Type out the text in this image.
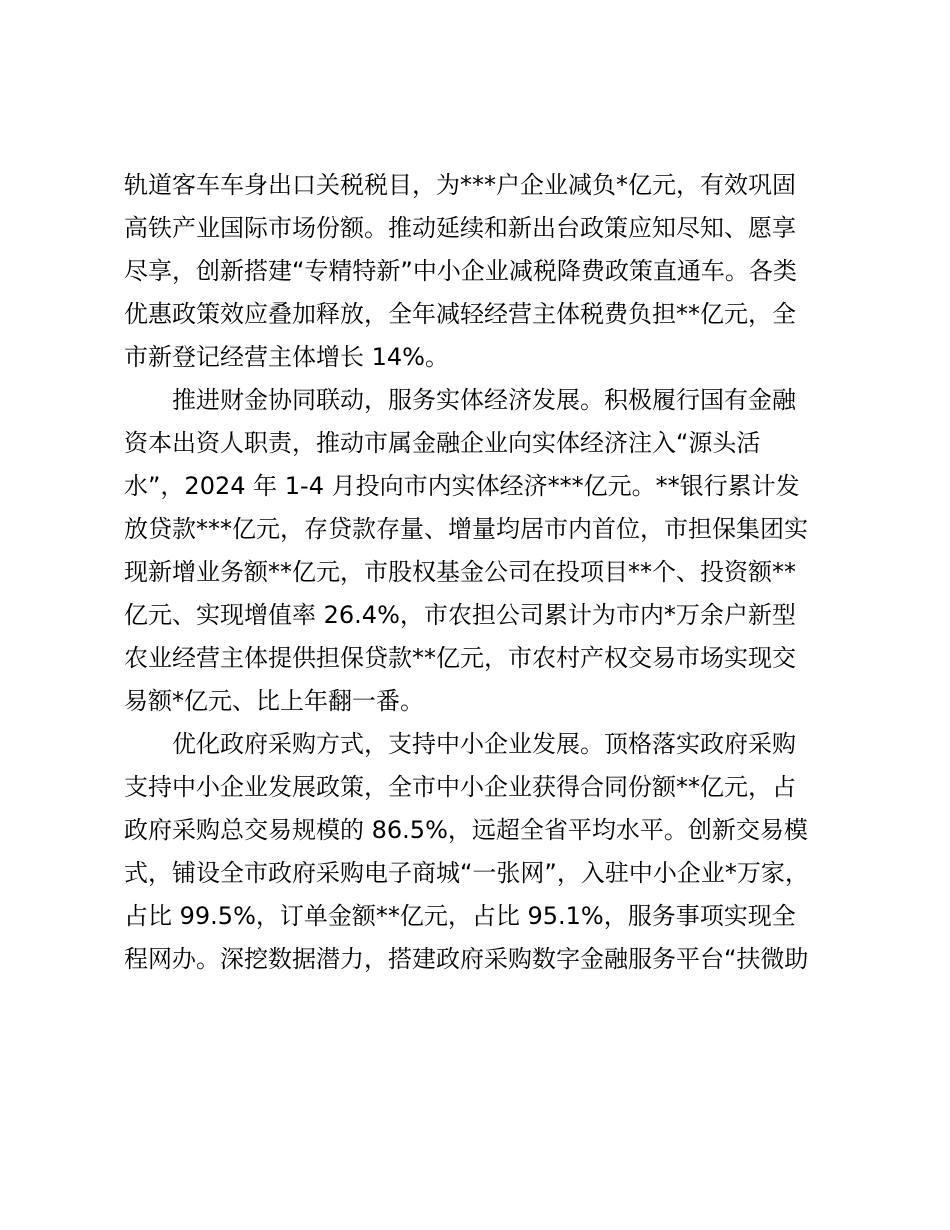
轨道客车车身出口关税税目，为***户企业减负*亿元，有效巩固
高铁产业国际市场份额。推动延续和新出台政策应知尽知、愿享
尽享，创新搭建“专精特新”中小企业减税降费政策直通车。各类
优惠政策效应叠加释放，全年减轻经营主体税费负担**亿元，全
市新登记经营主体增长 14%。
推进财金协同联动，服务实体经济发展。积极履行国有金融
资本出资人职责，推动市属金融企业向实体经济注入“源头活
水”，2024 年 1-4 月投向市内实体经济***亿元。**银行累计发
放贷款***亿元，存贷款存量、增量均居市内首位，市担保集团实
现新增业务额**亿元，市股权基金公司在投项目**个、投资额**
亿元、实现增值率 26.4%，市农担公司累计为市内*万余户新型
农业经营主体提供担保贷款**亿元，市农村产权交易市场实现交
易额*亿元、比上年翻一番。
优化政府采购方式，支持中小企业发展。顶格落实政府采购
支持中小企业发展政策，全市中小企业获得合同份额**亿元，占
政府采购总交易规模的 86.5%，远超全省平均水平。创新交易模
式，铺设全市政府采购电子商城“一张网”，入驻中小企业*万家，
占比 99.5%，订单金额**亿元，占比 95.1%，服务事项实现全
程网办。深挖数据潜力，搭建政府采购数字金融服务平台“扶微助
